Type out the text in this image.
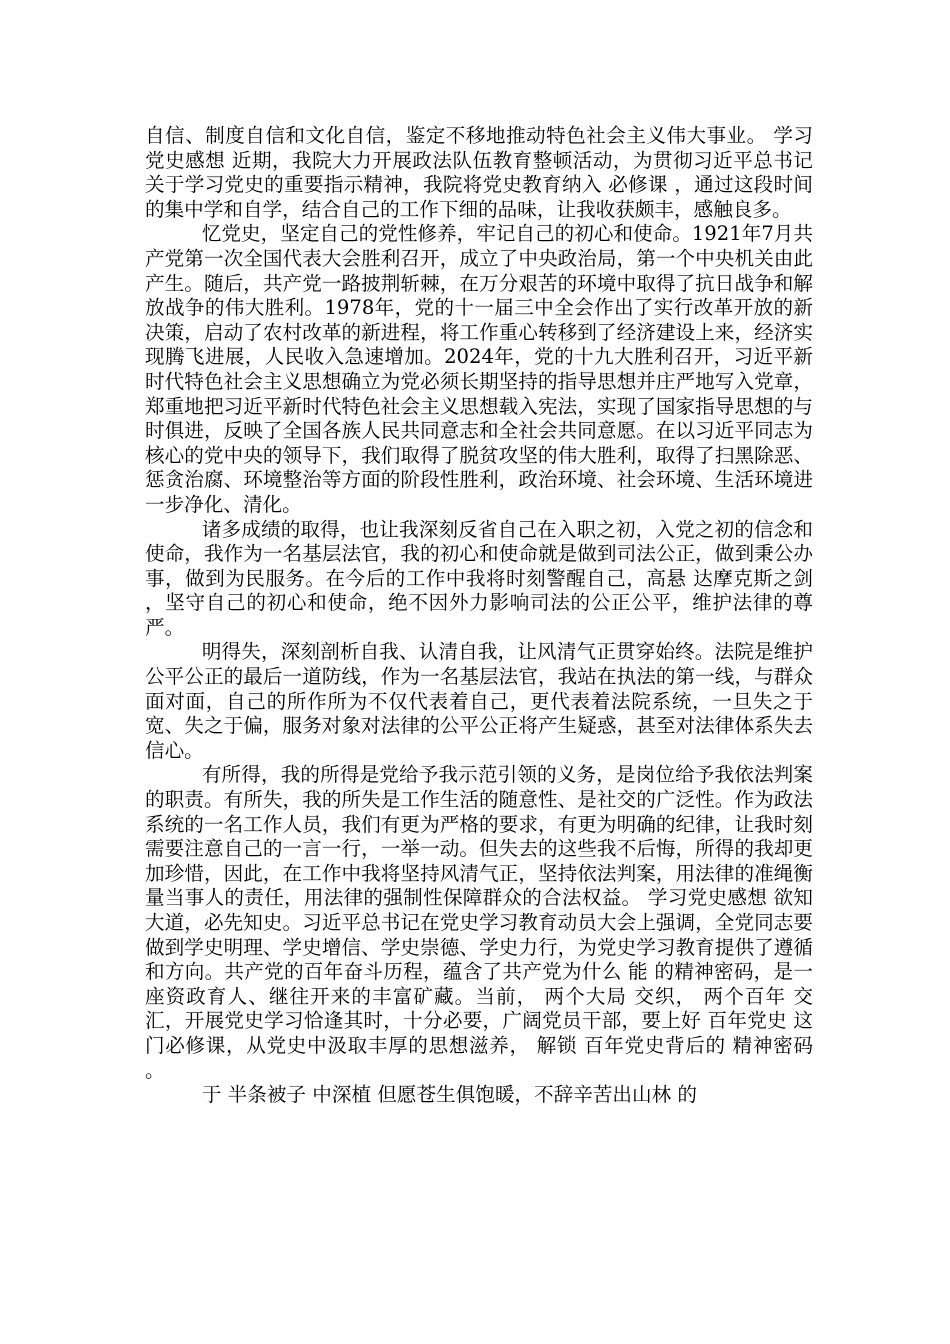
自信、制度自信和文化自信，鉴定不移地推动特色社会主义伟大事业。 学习党史感想 近期，我院大力开展政法队伍教育整顿活动，为贯彻习近平总书记关于学习党史的重要指示精神，我院将党史教育纳入 必修课 ，通过这段时间的集中学和自学，结合自己的工作下细的品味，让我收获颇丰，感触良多。

忆党史，坚定自己的党性修养，牢记自己的初心和使命。1921年7月共产党第一次全国代表大会胜利召开，成立了中央政治局，第一个中央机关由此产生。随后，共产党一路披荆斩棘，在万分艰苦的环境中取得了抗日战争和解放战争的伟大胜利。1978年，党的十一届三中全会作出了实行改革开放的新决策，启动了农村改革的新进程，将工作重心转移到了经济建设上来，经济实现腾飞进展，人民收入急速增加。2024年，党的十九大胜利召开，习近平新时代特色社会主义思想确立为党必须长期坚持的指导思想并庄严地写入党章，郑重地把习近平新时代特色社会主义思想载入宪法，实现了国家指导思想的与时俱进，反映了全国各族人民共同意志和全社会共同意愿。在以习近平同志为核心的党中央的领导下，我们取得了脱贫攻坚的伟大胜利，取得了扫黑除恶、惩贪治腐、环境整治等方面的阶段性胜利，政治环境、社会环境、生活环境进一步净化、清化。

诸多成绩的取得，也让我深刻反省自己在入职之初，入党之初的信念和使命，我作为一名基层法官，我的初心和使命就是做到司法公正，做到秉公办事，做到为民服务。在今后的工作中我将时刻警醒自己，高悬 达摩克斯之剑 ，坚守自己的初心和使命，绝不因外力影响司法的公正公平，维护法律的尊严。

明得失，深刻剖析自我、认清自我，让风清气正贯穿始终。法院是维护公平公正的最后一道防线，作为一名基层法官，我站在执法的第一线，与群众面对面，自己的所作所为不仅代表着自己，更代表着法院系统，一旦失之于宽、失之于偏，服务对象对法律的公平公正将产生疑惑，甚至对法律体系失去信心。

有所得，我的所得是党给予我示范引领的义务，是岗位给予我依法判案的职责。有所失，我的所失是工作生活的随意性、是社交的广泛性。作为政法系统的一名工作人员，我们有更为严格的要求，有更为明确的纪律，让我时刻需要注意自己的一言一行，一举一动。但失去的这些我不后悔，所得的我却更加珍惜，因此，在工作中我将坚持风清气正，坚持依法判案，用法律的准绳衡量当事人的责任，用法律的强制性保障群众的合法权益。 学习党史感想 欲知大道，必先知史。习近平总书记在党史学习教育动员大会上强调，全党同志要做到学史明理、学史增信、学史崇德、学史力行，为党史学习教育提供了遵循和方向。共产党的百年奋斗历程，蕴含了共产党为什么 能 的精神密码，是一座资政育人、继往开来的丰富矿藏。当前， 两个大局 交织， 两个百年 交汇，开展党史学习恰逢其时，十分必要，广阔党员干部，要上好 百年党史 这门必修课，从党史中汲取丰厚的思想滋养， 解锁 百年党史背后的 精神密码 。

于 半条被子 中深植 但愿苍生俱饱暖，不辞辛苦出山林 的
